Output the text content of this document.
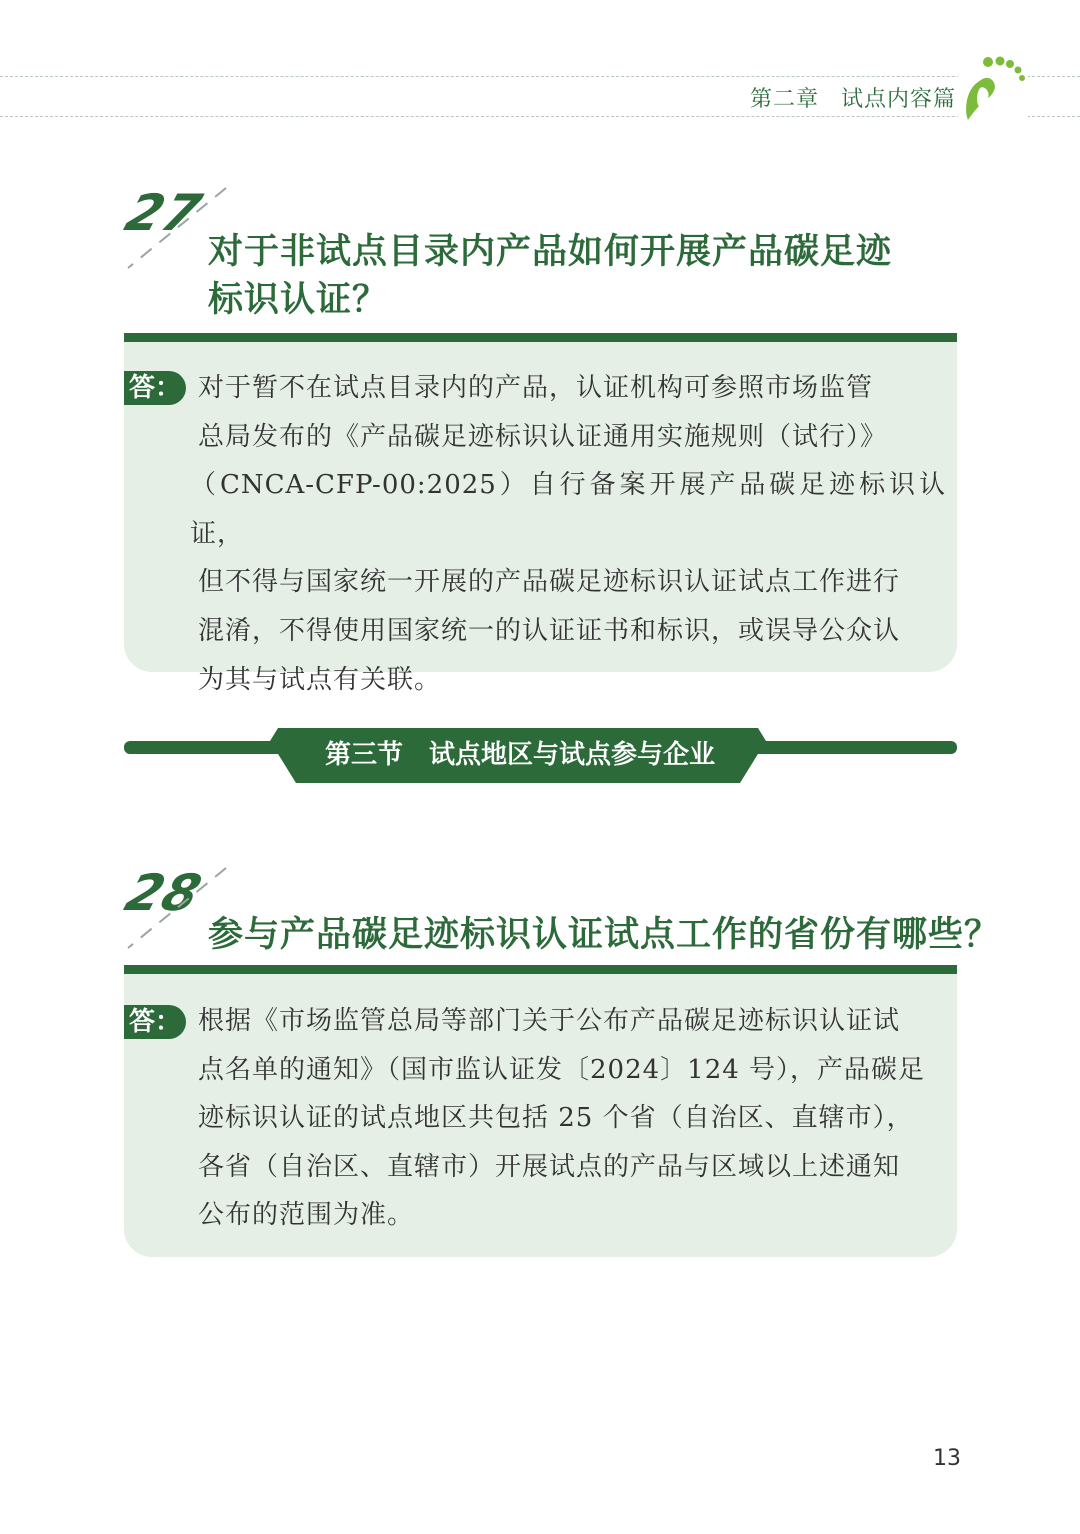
第二章 试点内容篇
27
对于非试点目录内产品如何开展产品碳足迹
标识认证？
答： 对于暂不在试点目录内的产品，认证机构可参照市场监管
总局发布的《产品碳足迹标识认证通用实施规则（试行）》
（CNCA-CFP-00:2025）自行备案开展产品碳足迹标识认证，
但不得与国家统一开展的产品碳足迹标识认证试点工作进行
混淆，不得使用国家统一的认证证书和标识，或误导公众认
为其与试点有关联。
第三节 试点地区与试点参与企业
28
参与产品碳足迹标识认证试点工作的省份有哪些？
答： 根据《市场监管总局等部门关于公布产品碳足迹标识认证试
点名单的通知》（国市监认证发〔2024〕124 号），产品碳足
迹标识认证的试点地区共包括 25 个省（自治区、直辖市），
各省（自治区、直辖市）开展试点的产品与区域以上述通知
公布的范围为准。
13
